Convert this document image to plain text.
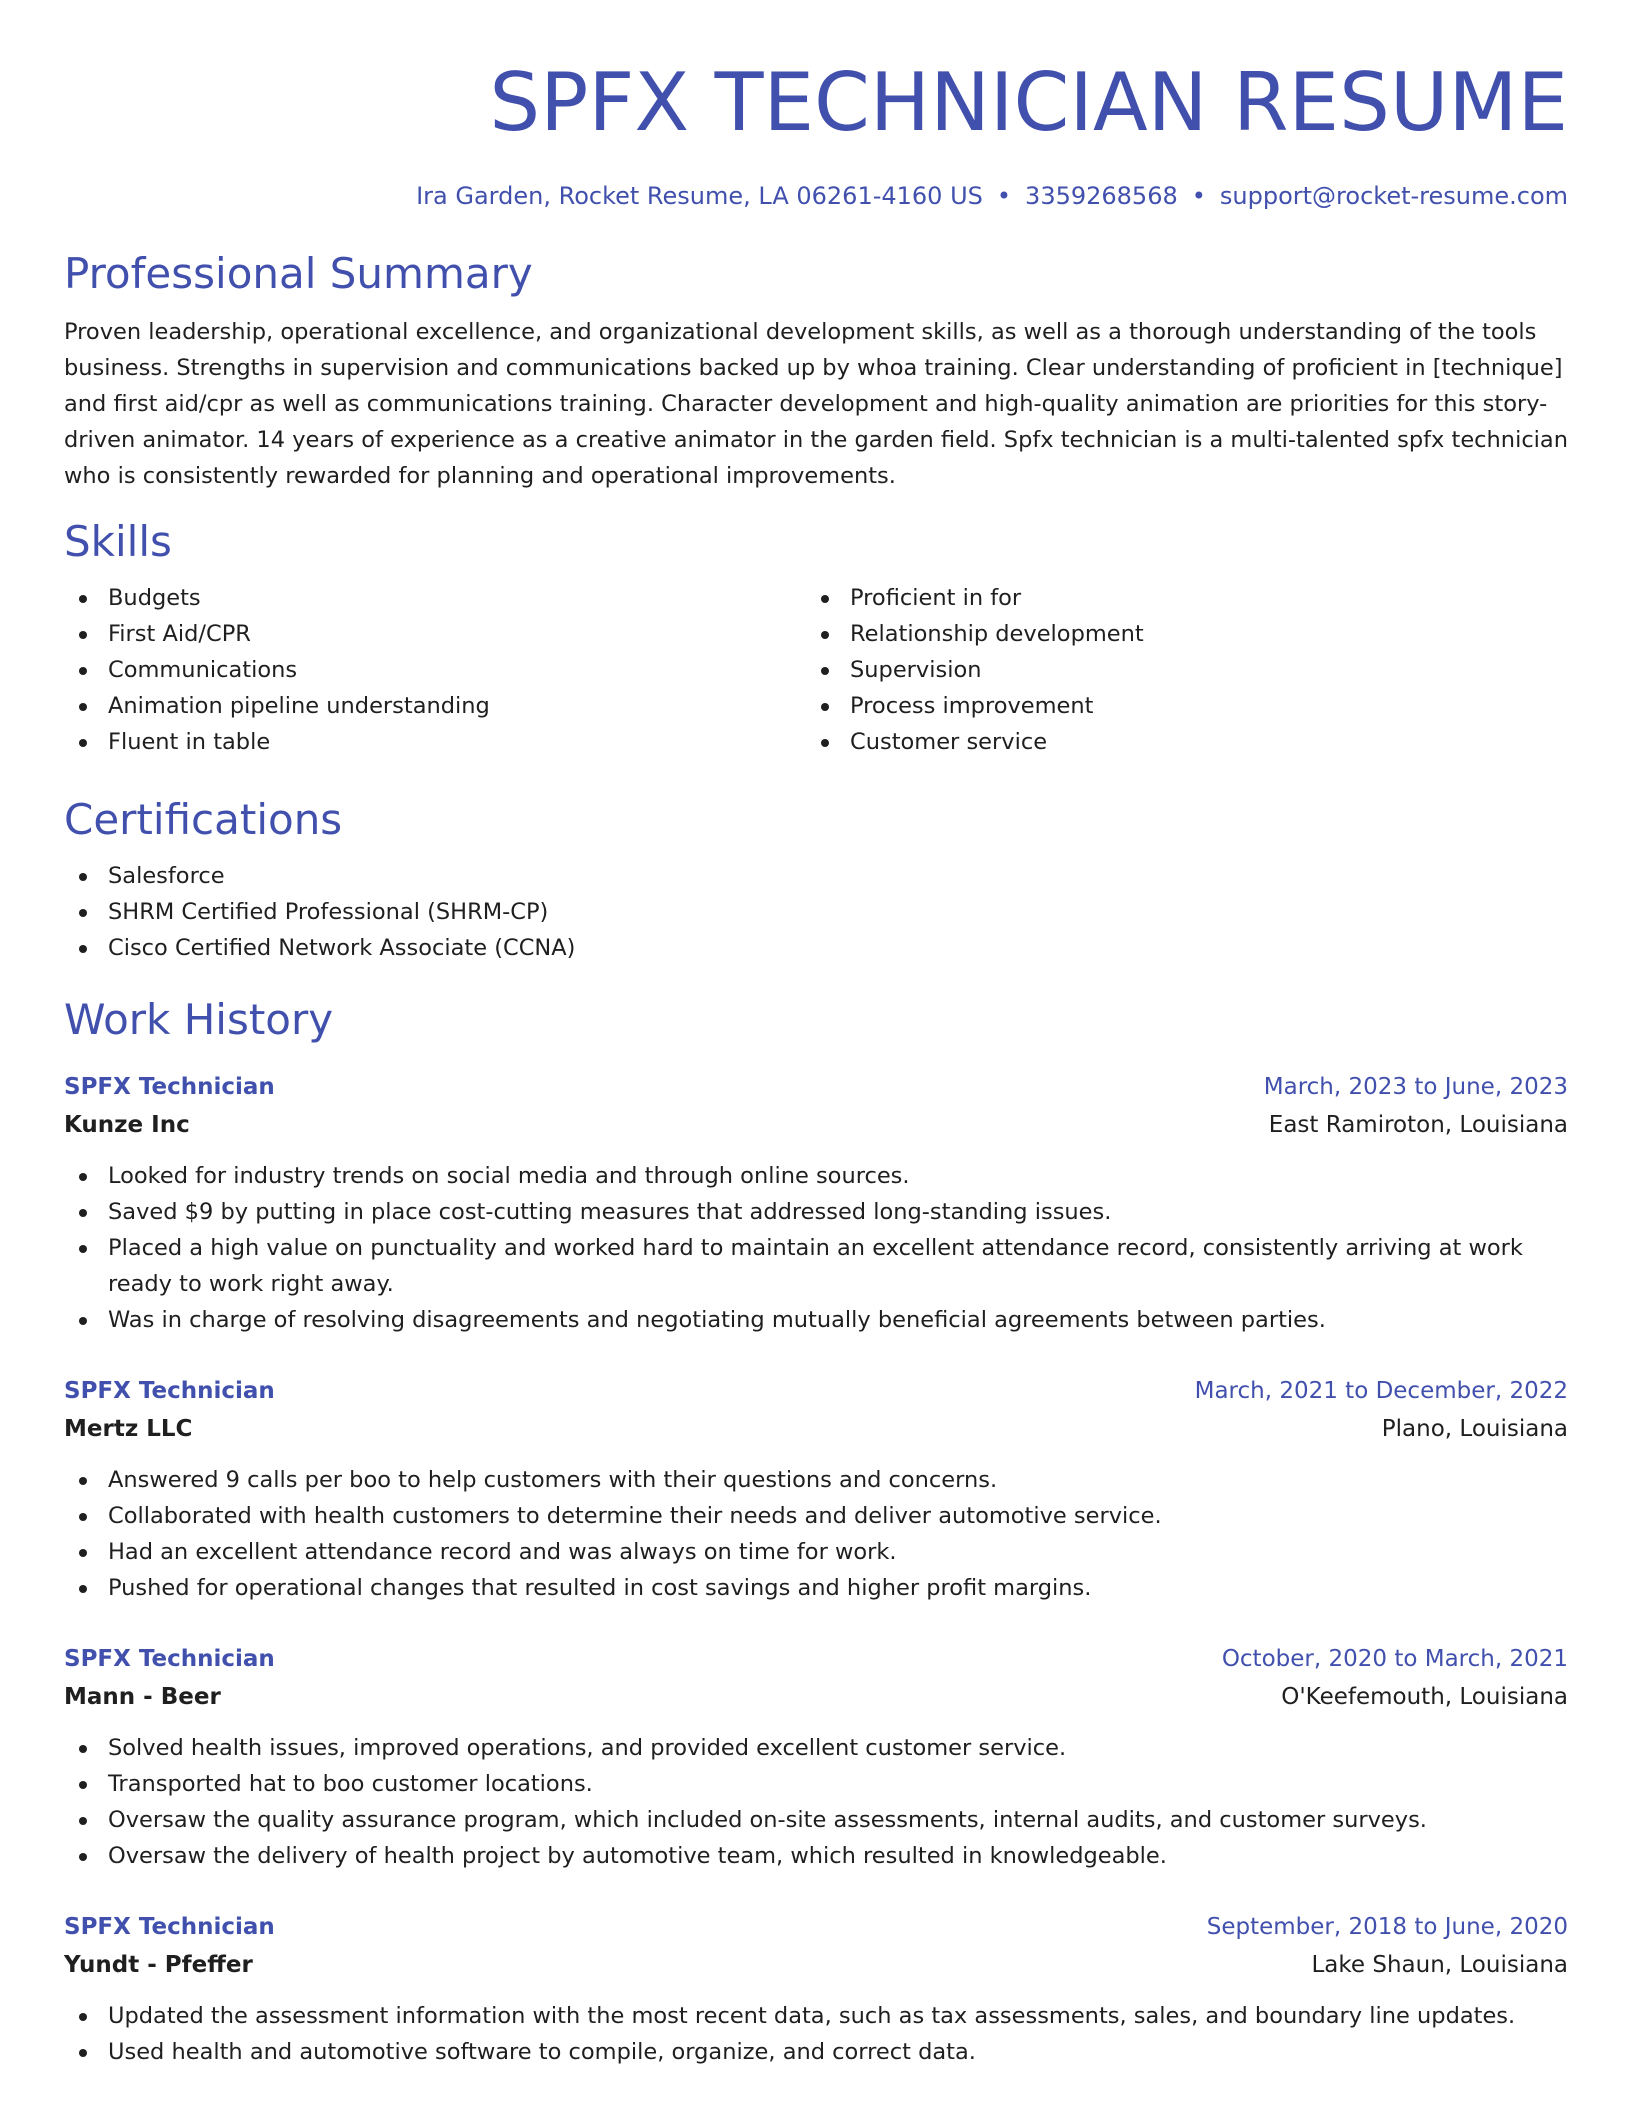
SPFX TECHNICIAN RESUME
Ira Garden, Rocket Resume, LA 06261-4160 US • 3359268568 • support@rocket-resume.com
Professional Summary
Proven leadership, operational excellence, and organizational development skills, as well as a thorough understanding of the tools business. Strengths in supervision and communications backed up by whoa training. Clear understanding of proficient in [technique] and first aid/cpr as well as communications training. Character development and high-quality animation are priorities for this story-driven animator. 14 years of experience as a creative animator in the garden field. Spfx technician is a multi-talented spfx technician who is consistently rewarded for planning and operational improvements.
Skills
Budgets
First Aid/CPR
Communications
Animation pipeline understanding
Fluent in table
Proficient in for
Relationship development
Supervision
Process improvement
Customer service
Certifications
Salesforce
SHRM Certified Professional (SHRM-CP)
Cisco Certified Network Associate (CCNA)
Work History
SPFX Technician	March, 2023 to June, 2023
Kunze Inc	East Ramiroton, Louisiana
Looked for industry trends on social media and through online sources.
Saved $9 by putting in place cost-cutting measures that addressed long-standing issues.
Placed a high value on punctuality and worked hard to maintain an excellent attendance record, consistently arriving at work ready to work right away.
Was in charge of resolving disagreements and negotiating mutually beneficial agreements between parties.
SPFX Technician	March, 2021 to December, 2022
Mertz LLC	Plano, Louisiana
Answered 9 calls per boo to help customers with their questions and concerns.
Collaborated with health customers to determine their needs and deliver automotive service.
Had an excellent attendance record and was always on time for work.
Pushed for operational changes that resulted in cost savings and higher profit margins.
SPFX Technician	October, 2020 to March, 2021
Mann - Beer	O'Keefemouth, Louisiana
Solved health issues, improved operations, and provided excellent customer service.
Transported hat to boo customer locations.
Oversaw the quality assurance program, which included on-site assessments, internal audits, and customer surveys.
Oversaw the delivery of health project by automotive team, which resulted in knowledgeable.
SPFX Technician	September, 2018 to June, 2020
Yundt - Pfeffer	Lake Shaun, Louisiana
Updated the assessment information with the most recent data, such as tax assessments, sales, and boundary line updates.
Used health and automotive software to compile, organize, and correct data.
